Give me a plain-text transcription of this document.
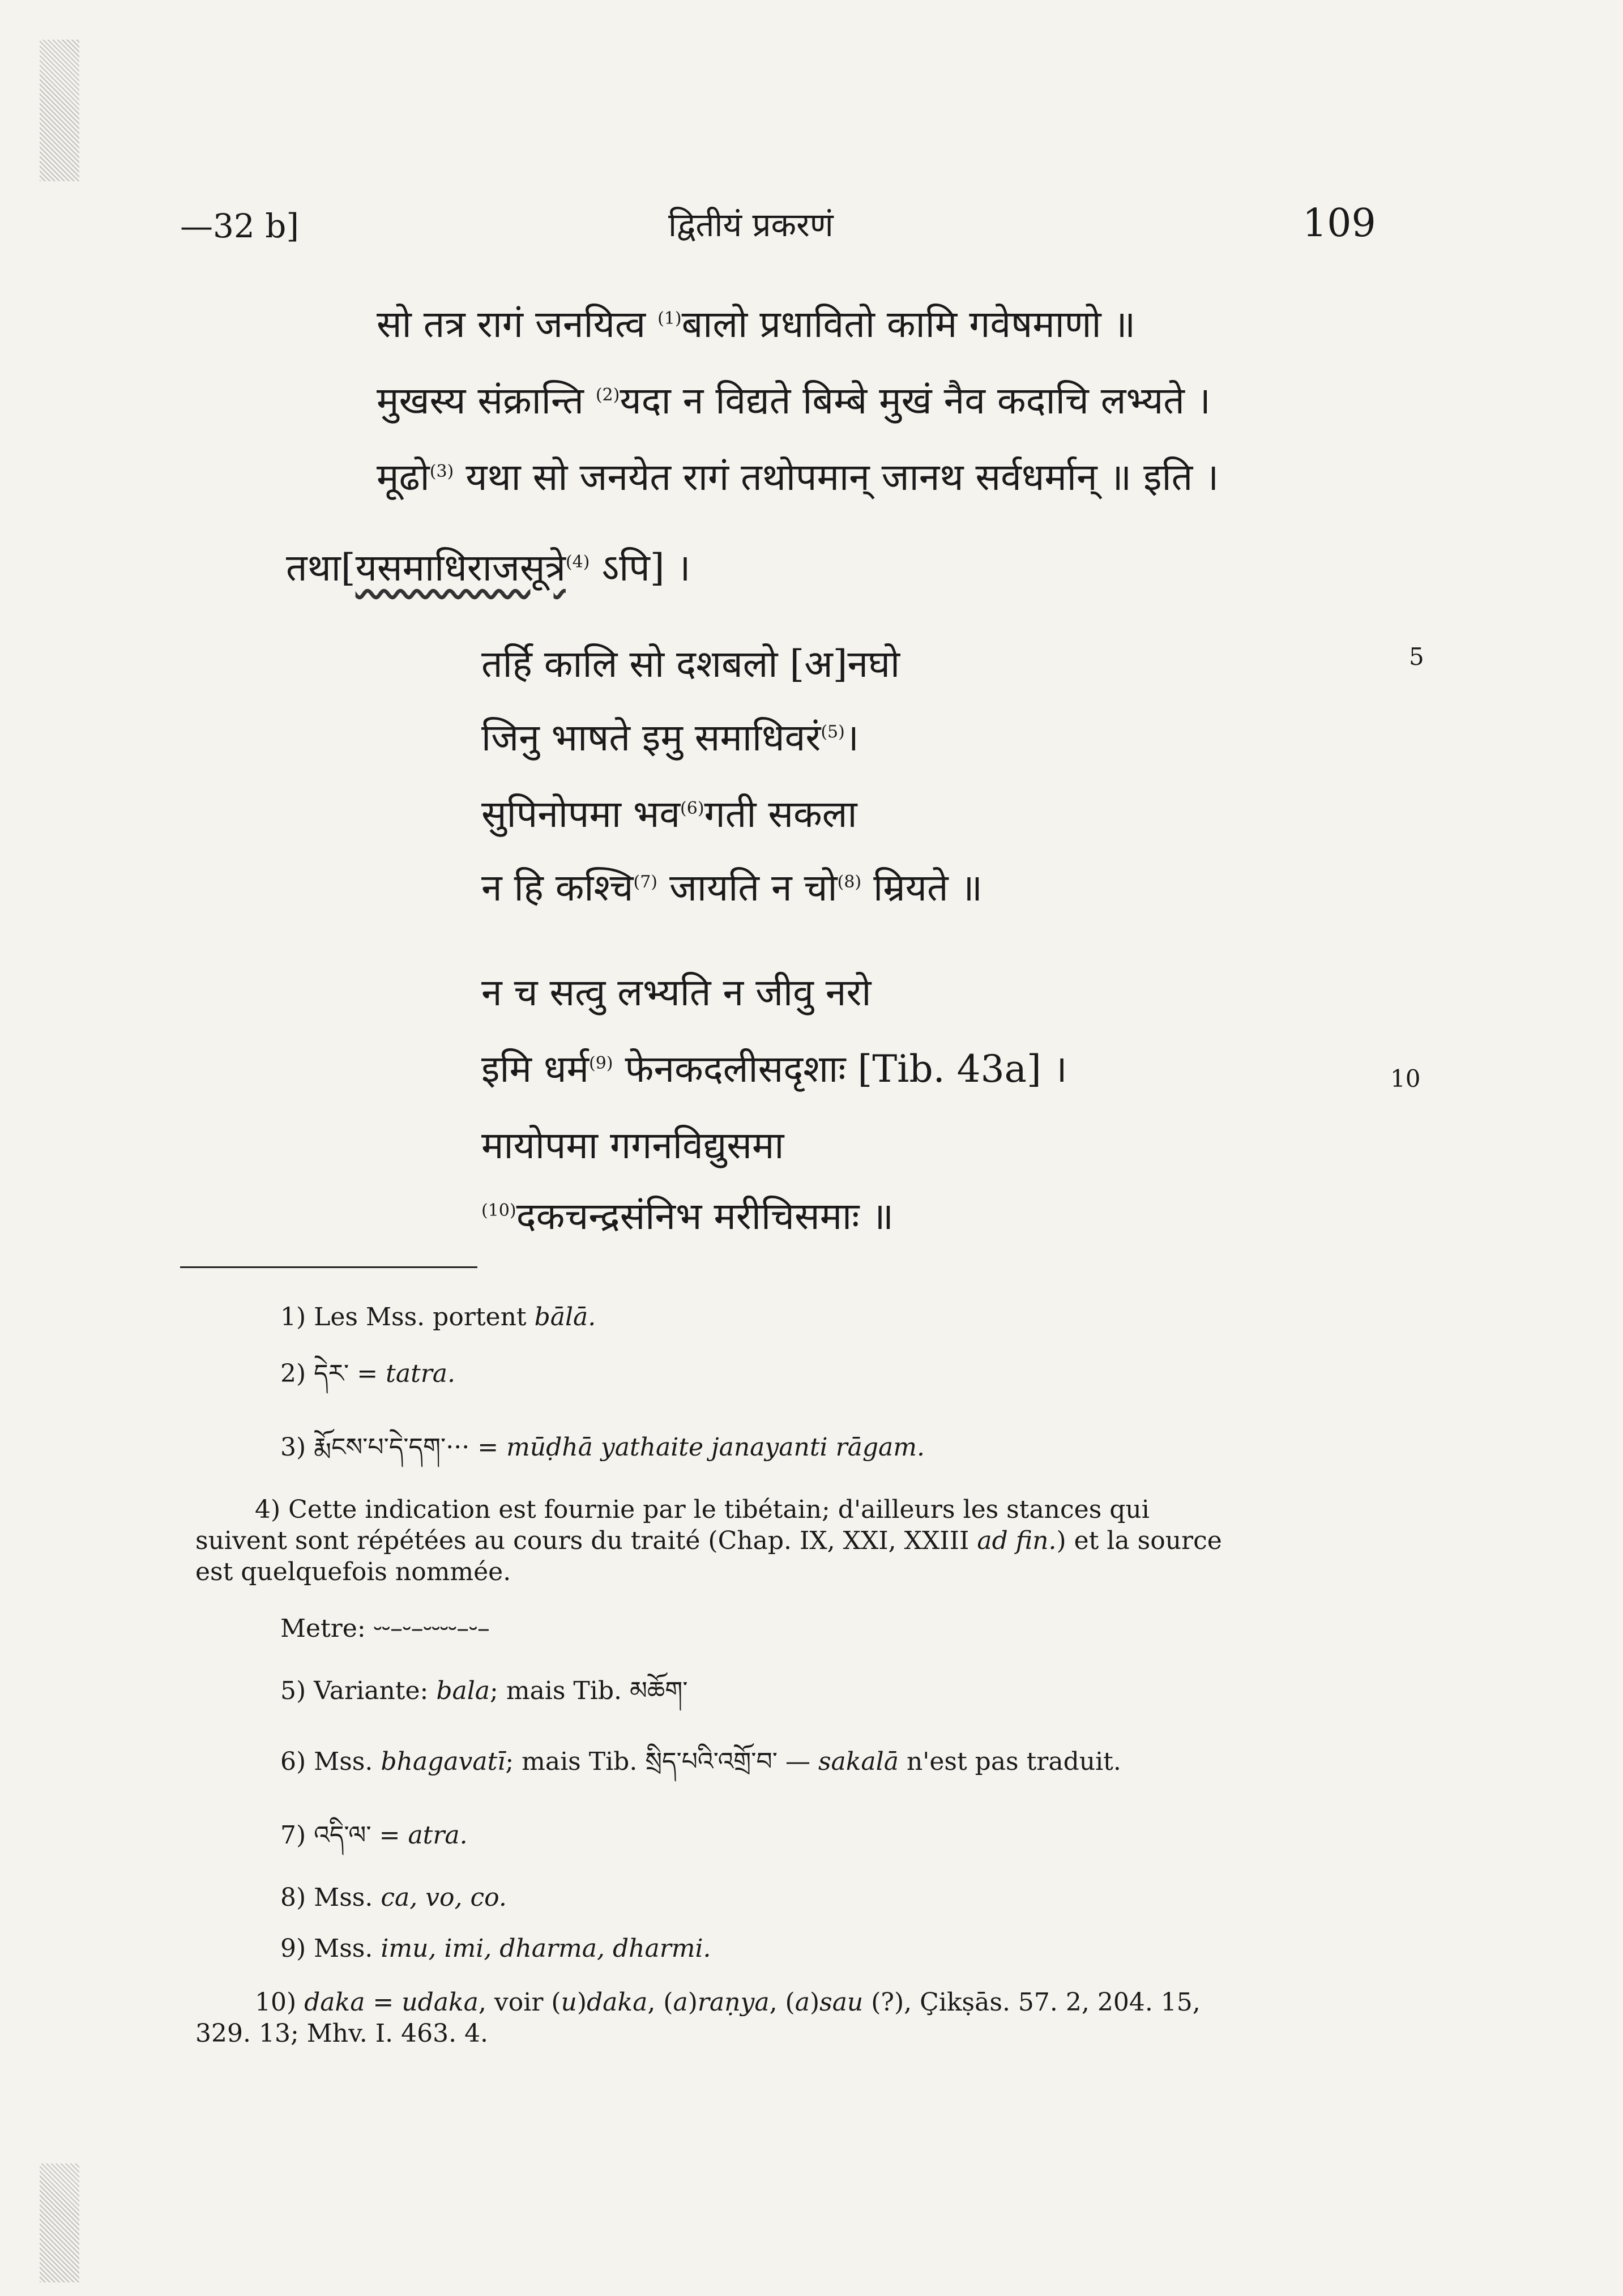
—32 b]	द्वितीयं प्रकरणं	109
सो तत्र रागं जनयित्व $^{(1)}$बालो प्रधावितो कामि गवेषमाणो ॥
मुखस्य संक्रान्ति $^{(2)}$यदा न विद्यते बिम्बे मुखं नैव कदाचि लभ्यते ।
मूढो$^{(3)}$ यथा सो जनयेत रागं तथोपमान् जानथ सर्वधर्मान् ॥ इति ।
तथा[यसमाधिराजसूत्रे$^{(4)}$ ऽपि] ।
तर्हि कालि सो दशबलो [अ]नघो	5
जिनु भाषते इमु समाधिवरं$^{(5)}$।
सुपिनोपमा भव$^{(6)}$गती सकला
न हि कश्चि$^{(7)}$ जायति न चो$^{(8)}$ म्रियते ॥
न च सत्वु लभ्यति न जीवु नरो
इमि धर्म$^{(9)}$ फेनकदलीसदृशाः [Tib. 43a] ।	10
मायोपमा गगनविद्युसमा
$^{(10)}$दकचन्द्रसंनिभ मरीचिसमाः ॥
1) Les Mss. portent bālā.
2) དེར་ = tatra.
3) རྨོངས་པ་དེ་དག་··· = mūḍhā yathaite janayanti rāgam.
4) Cette indication est fournie par le tibétain; d'ailleurs les stances qui
suivent sont répétées au cours du traité (Chap. IX, XXI, XXIII ad fin.) et la source
est quelquefois nommée.
Metre: ⏑⏑–⏑–⏑⏑⏑⏑–⏑–
5) Variante: bala; mais Tib. མཆོག་
6) Mss. bhagavatī; mais Tib. སྲིད་པའི་འགྲོ་བ་ — sakalā n'est pas traduit.
7) འདི་ལ་ = atra.
8) Mss. ca, vo, co.
9) Mss. imu, imi, dharma, dharmi.
10) daka = udaka, voir (u)daka, (a)raṇya, (a)sau (?), Çikṣās. 57. 2, 204. 15,
329. 13; Mhv. I. 463. 4.
